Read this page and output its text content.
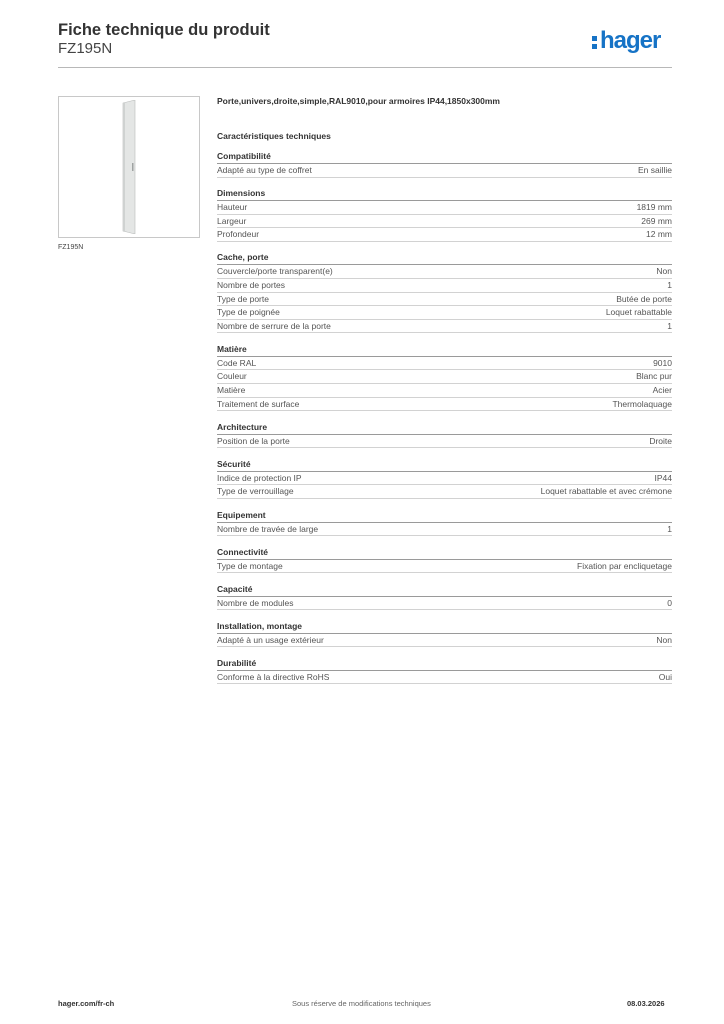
Fiche technique du produit
FZ195N	hager
FZ195N
Porte,univers,droite,simple,RAL9010,pour armoires IP44,1850x300mm
Caractéristiques techniques
Compatibilité
Adapté au type de coffret	En saillie
Dimensions
Hauteur	1819 mm
Largeur	269 mm
Profondeur	12 mm
Cache, porte
Couvercle/porte transparent(e)	Non
Nombre de portes	1
Type de porte	Butée de porte
Type de poignée	Loquet rabattable
Nombre de serrure de la porte	1
Matière
Code RAL	9010
Couleur	Blanc pur
Matière	Acier
Traitement de surface	Thermolaquage
Architecture
Position de la porte	Droite
Sécurité
Indice de protection IP	IP44
Type de verrouillage	Loquet rabattable et avec crémone
Equipement
Nombre de travée de large	1
Connectivité
Type de montage	Fixation par encliquetage
Capacité
Nombre de modules	0
Installation, montage
Adapté à un usage extérieur	Non
Durabilité
Conforme à la directive RoHS	Oui
hager.com/fr-ch	Sous réserve de modifications techniques	08.03.2026
